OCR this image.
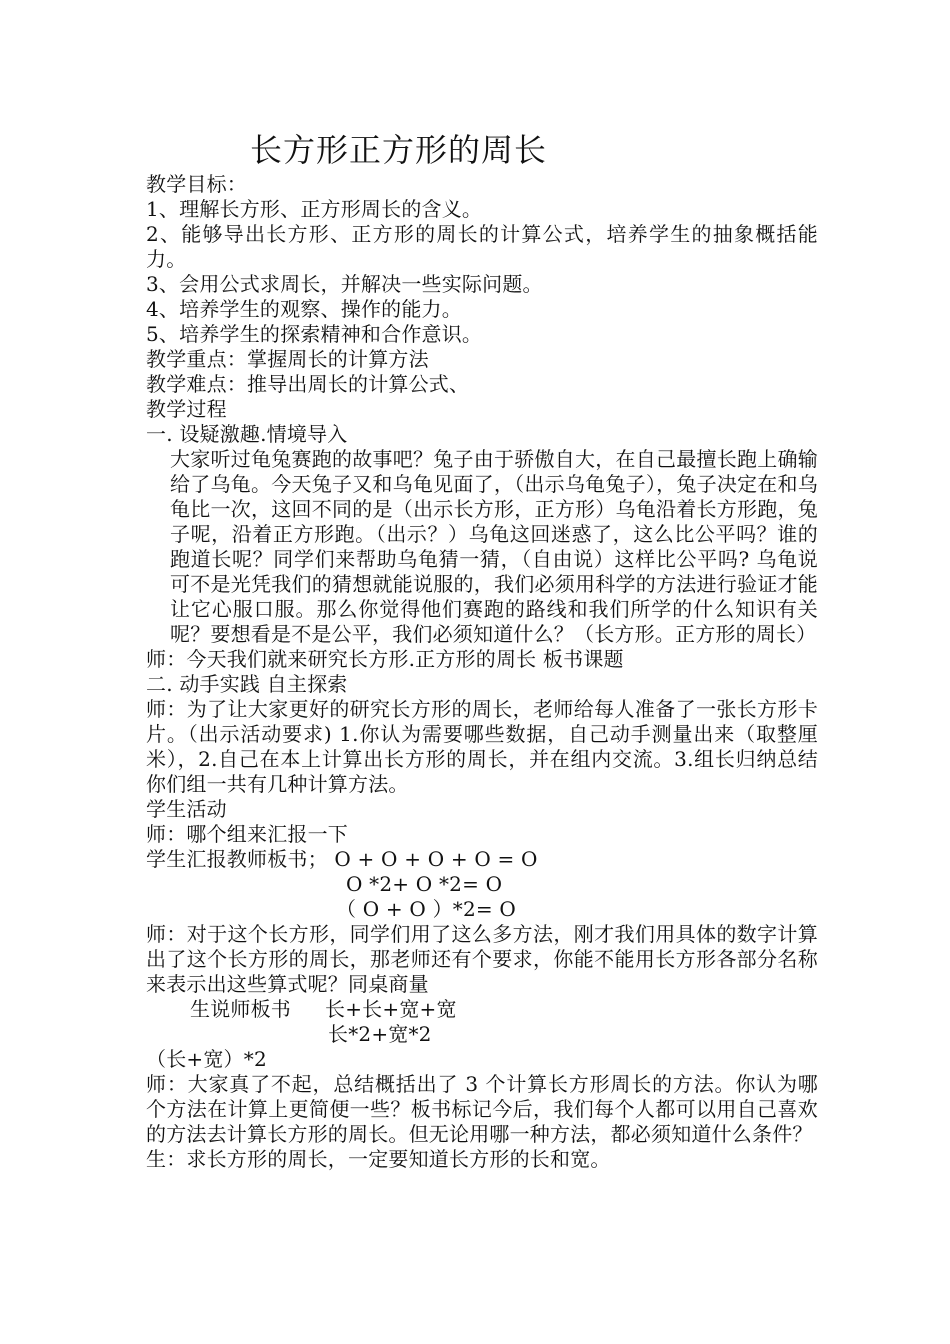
长方形正方形的周长
教学目标：
1、理解长方形、正方形周长的含义。
2、能够导出长方形、正方形的周长的计算公式，培养学生的抽象概括能力。
3、会用公式求周长，并解决一些实际问题。
4、培养学生的观察、操作的能力。
5、培养学生的探索精神和合作意识。
教学重点：掌握周长的计算方法
教学难点：推导出周长的计算公式、
教学过程
一. 设疑激趣.情境导入
大家听过龟兔赛跑的故事吧？兔子由于骄傲自大，在自己最擅长跑上确输给了乌龟。今天兔子又和乌龟见面了，（出示乌龟兔子），兔子决定在和乌龟比一次，这回不同的是（出示长方形，正方形）乌龟沿着长方形跑，兔子呢，沿着正方形跑。（出示？）乌龟这回迷惑了，这么比公平吗？谁的跑道长呢？同学们来帮助乌龟猜一猜，（自由说）这样比公平吗? 乌龟说可不是光凭我们的猜想就能说服的，我们必须用科学的方法进行验证才能让它心服口服。那么你觉得他们赛跑的路线和我们所学的什么知识有关呢？要想看是不是公平，我们必须知道什么？（长方形。正方形的周长）
师：今天我们就来研究长方形.正方形的周长 板书课题
二. 动手实践 自主探索
师：为了让大家更好的研究长方形的周长，老师给每人准备了一张长方形卡片。（出示活动要求) 1.你认为需要哪些数据，自己动手测量出来（取整厘米），2.自己在本上计算出长方形的周长，并在组内交流。3.组长归纳总结你们组一共有几种计算方法。
学生活动
师：哪个组来汇报一下
学生汇报教师板书； O + O + O + O = O
O *2+ O *2= O
（ O + O ）*2= O
师：对于这个长方形，同学们用了这么多方法，刚才我们用具体的数字计算出了这个长方形的周长，那老师还有个要求，你能不能用长方形各部分名称来表示出这些算式呢？同桌商量
生说师板书 长+长+宽+宽
长*2+宽*2
（长+宽）*2
师：大家真了不起，总结概括出了 3 个计算长方形周长的方法。你认为哪个方法在计算上更简便一些？板书标记今后，我们每个人都可以用自己喜欢的方法去计算长方形的周长。但无论用哪一种方法，都必须知道什么条件？
生：求长方形的周长，一定要知道长方形的长和宽。
